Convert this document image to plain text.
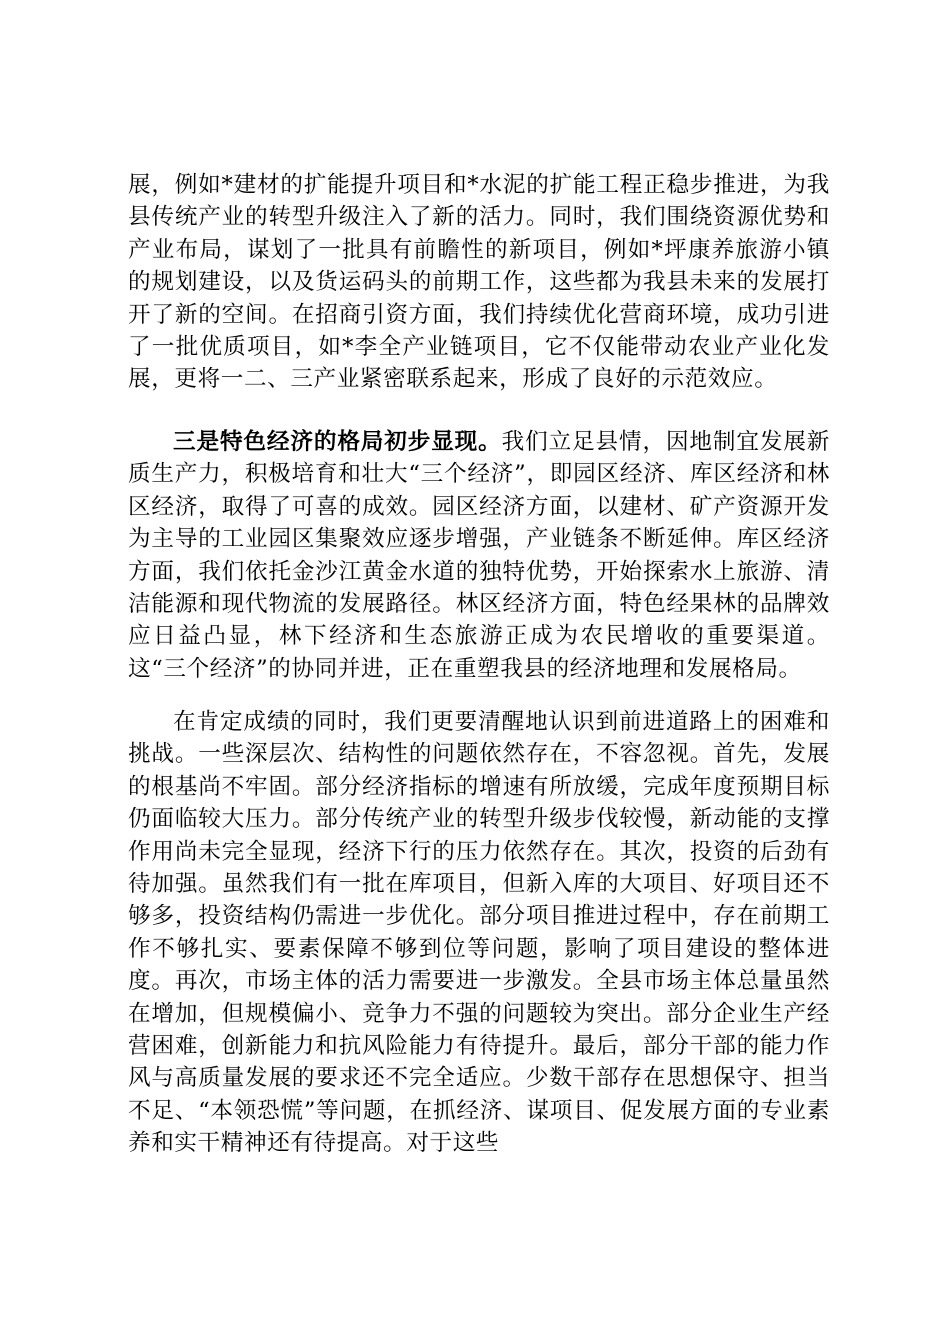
展，例如*建材的扩能提升项目和*水泥的扩能工程正稳步推进，为我县传统产业的转型升级注入了新的活力。同时，我们围绕资源优势和产业布局，谋划了一批具有前瞻性的新项目，例如*坪康养旅游小镇的规划建设，以及货运码头的前期工作，这些都为我县未来的发展打开了新的空间。在招商引资方面，我们持续优化营商环境，成功引进了一批优质项目，如*李全产业链项目，它不仅能带动农业产业化发展，更将一二、三产业紧密联系起来，形成了良好的示范效应。

三是特色经济的格局初步显现。我们立足县情，因地制宜发展新质生产力，积极培育和壮大“三个经济”，即园区经济、库区经济和林区经济，取得了可喜的成效。园区经济方面，以建材、矿产资源开发为主导的工业园区集聚效应逐步增强，产业链条不断延伸。库区经济方面，我们依托金沙江黄金水道的独特优势，开始探索水上旅游、清洁能源和现代物流的发展路径。林区经济方面，特色经果林的品牌效应日益凸显，林下经济和生态旅游正成为农民增收的重要渠道。这“三个经济”的协同并进，正在重塑我县的经济地理和发展格局。

在肯定成绩的同时，我们更要清醒地认识到前进道路上的困难和挑战。一些深层次、结构性的问题依然存在，不容忽视。首先，发展的根基尚不牢固。部分经济指标的增速有所放缓，完成年度预期目标仍面临较大压力。部分传统产业的转型升级步伐较慢，新动能的支撑作用尚未完全显现，经济下行的压力依然存在。其次，投资的后劲有待加强。虽然我们有一批在库项目，但新入库的大项目、好项目还不够多，投资结构仍需进一步优化。部分项目推进过程中，存在前期工作不够扎实、要素保障不够到位等问题，影响了项目建设的整体进度。再次，市场主体的活力需要进一步激发。全县市场主体总量虽然在增加，但规模偏小、竞争力不强的问题较为突出。部分企业生产经营困难，创新能力和抗风险能力有待提升。最后，部分干部的能力作风与高质量发展的要求还不完全适应。少数干部存在思想保守、担当不足、“本领恐慌”等问题，在抓经济、谋项目、促发展方面的专业素养和实干精神还有待提高。对于这些
